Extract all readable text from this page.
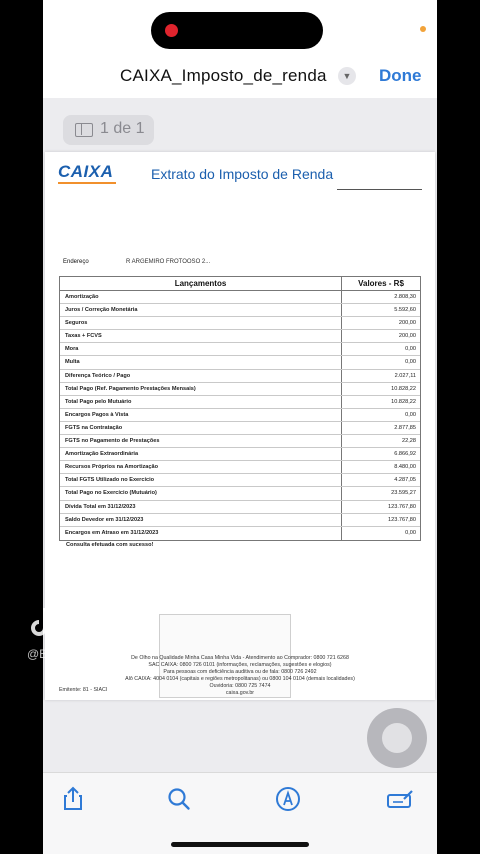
CAIXA_Imposto_de_renda	▼ Done
1 de 1
CAIXA	Extrato do Imposto de Renda
Endereço	R ARGEMIRO FROTOOSO 2...
Lançamentos	Valores - R$
Amortização	2.808,30
Juros / Correção Monetária	5.592,60
Seguros	200,00
Taxas + FCVS	200,00
Mora	0,00
Multa	0,00
Diferença Teórico / Pago	2.027,11
Total Pago (Ref. Pagamento Prestações Mensais)	10.828,22
Total Pago pelo Mutuário	10.828,22
Encargos Pagos à Vista	0,00
FGTS na Contratação	2.877,85
FGTS no Pagamento de Prestações	22,28
Amortização Extraordinária	6.866,92
Recursos Próprios na Amortização	8.480,00
Total FGTS Utilizado no Exercício	4.287,05
Total Pago no Exercício (Mutuário)	23.595,27
Dívida Total em 31/12/2023	123.767,80
Saldo Devedor em 31/12/2023	123.767,80
Encargos em Atraso em 31/12/2023	0,00
Consulta efetuada com sucesso!
De Olho na Qualidade Minha Casa Minha Vida - Atendimento ao Comprador: 0800 721 6268
SAC CAIXA: 0800 726 0101 (informações, reclamações, sugestões e elogios)
Para pessoas com deficiência auditiva ou de fala: 0800 726 2492
Alô CAIXA: 4004 0104 (capitais e regiões metropolitanas) ou 0800 104 0104 (demais localidades)
Ouvidoria: 0800 725 7474
caixa.gov.br
Emitente: 81 - SIACI
@BiiandiasCamlo
